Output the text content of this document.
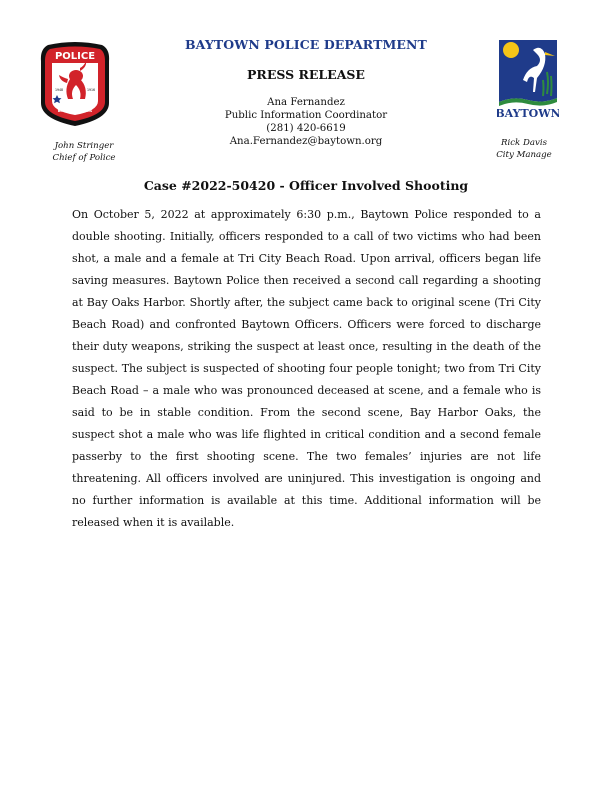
POLICE
1948	1916
BAYTOWN TEXAS	BAYTOWN
BAYTOWN POLICE DEPARTMENT
PRESS RELEASE
Ana Fernandez
Public Information Coordinator
(281) 420-6619
Ana.Fernandez@baytown.org
John Stringer
Chief of Police
Rick Davis
City Manage
Case #2022-50420 - Officer Involved Shooting
On October 5, 2022 at approximately 6:30 p.m., Baytown Police responded to a double shooting. Initially, officers responded to a call of two victims who had been shot, a male and a female at Tri City Beach Road. Upon arrival, officers began life saving measures. Baytown Police then received a second call regarding a shooting at Bay Oaks Harbor. Shortly after, the subject came back to original scene (Tri City Beach Road) and confronted Baytown Officers. Officers were forced to discharge their duty weapons, striking the suspect at least once, resulting in the death of the suspect. The subject is suspected of shooting four people tonight; two from Tri City Beach Road – a male who was pronounced deceased at scene, and a female who is said to be in stable condition. From the second scene, Bay Harbor Oaks, the suspect shot a male who was life flighted in critical condition and a second female passerby to the first shooting scene. The two females’ injuries are not life threatening. All officers involved are uninjured. This investigation is ongoing and no further information is available at this time. Additional information will be released when it is available.
